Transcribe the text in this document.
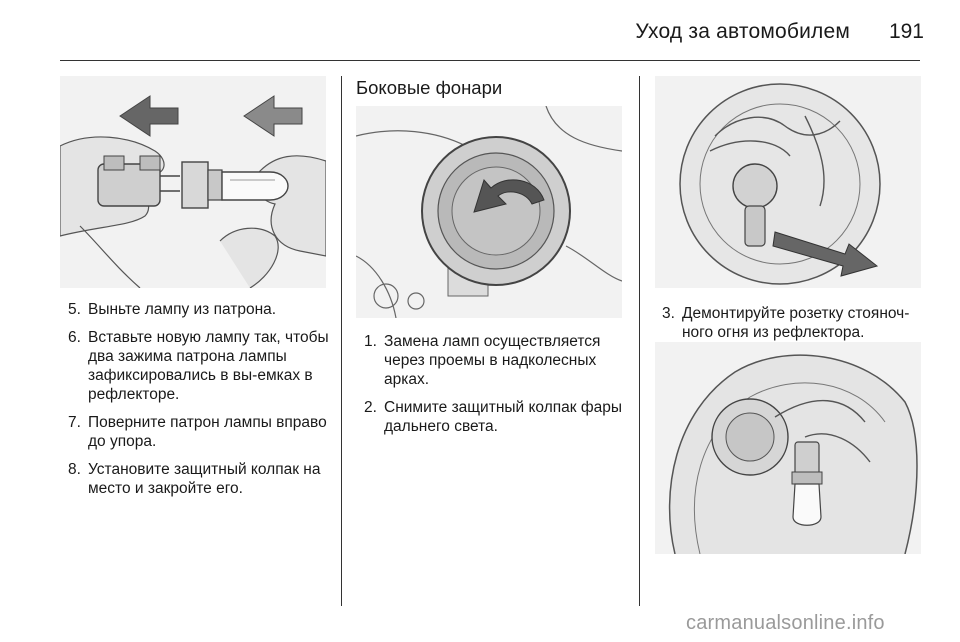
Уход за автомобилем	191
5. Выньте лампу из патрона.
6. Вставьте новую лампу так, чтобы два зажима патрона лампы зафиксировались в вы-емках в рефлекторе.
7. Поверните патрон лампы вправо до упора.
8. Установите защитный колпак на место и закройте его.
Боковые фонари
1. Замена ламп осуществляется через проемы в надколесных арках.
2. Снимите защитный колпак фары дальнего света.
3. Демонтируйте розетку стояноч-ного огня из рефлектора.
carmanualsonline.info
